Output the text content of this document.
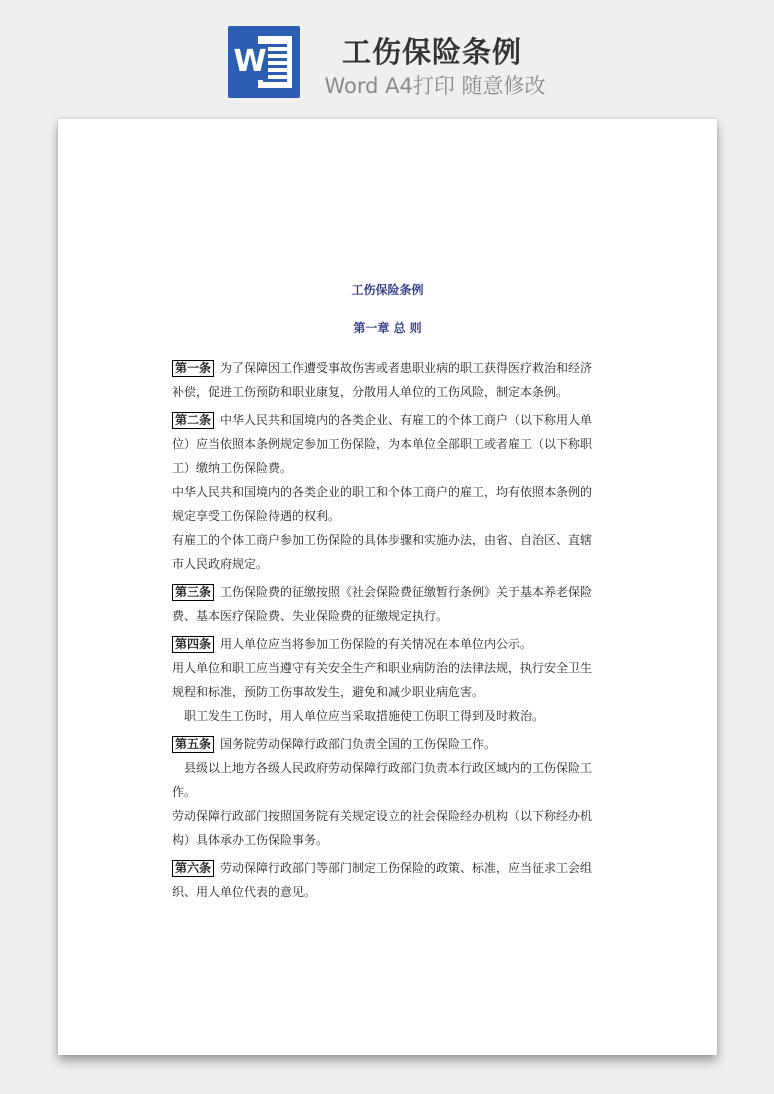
W	工伤保险条例
Word A4打印 随意修改
工伤保险条例
第一章 总 则

第一条 为了保障因工作遭受事故伤害或者患职业病的职工获得医疗救治和经济补偿，促进工伤预防和职业康复，分散用人单位的工伤风险，制定本条例。

第二条 中华人民共和国境内的各类企业、有雇工的个体工商户（以下称用人单位）应当依照本条例规定参加工伤保险，为本单位全部职工或者雇工（以下称职工）缴纳工伤保险费。

中华人民共和国境内的各类企业的职工和个体工商户的雇工，均有依照本条例的规定享受工伤保险待遇的权利。

有雇工的个体工商户参加工伤保险的具体步骤和实施办法，由省、自治区、直辖市人民政府规定。

第三条 工伤保险费的征缴按照《社会保险费征缴暂行条例》关于基本养老保险费、基本医疗保险费、失业保险费的征缴规定执行。

第四条 用人单位应当将参加工伤保险的有关情况在本单位内公示。

用人单位和职工应当遵守有关安全生产和职业病防治的法律法规，执行安全卫生规程和标准，预防工伤事故发生，避免和减少职业病危害。

职工发生工伤时，用人单位应当采取措施使工伤职工得到及时救治。

第五条 国务院劳动保障行政部门负责全国的工伤保险工作。

县级以上地方各级人民政府劳动保障行政部门负责本行政区域内的工伤保险工作。

劳动保障行政部门按照国务院有关规定设立的社会保险经办机构（以下称经办机构）具体承办工伤保险事务。

第六条 劳动保障行政部门等部门制定工伤保险的政策、标准，应当征求工会组织、用人单位代表的意见。
